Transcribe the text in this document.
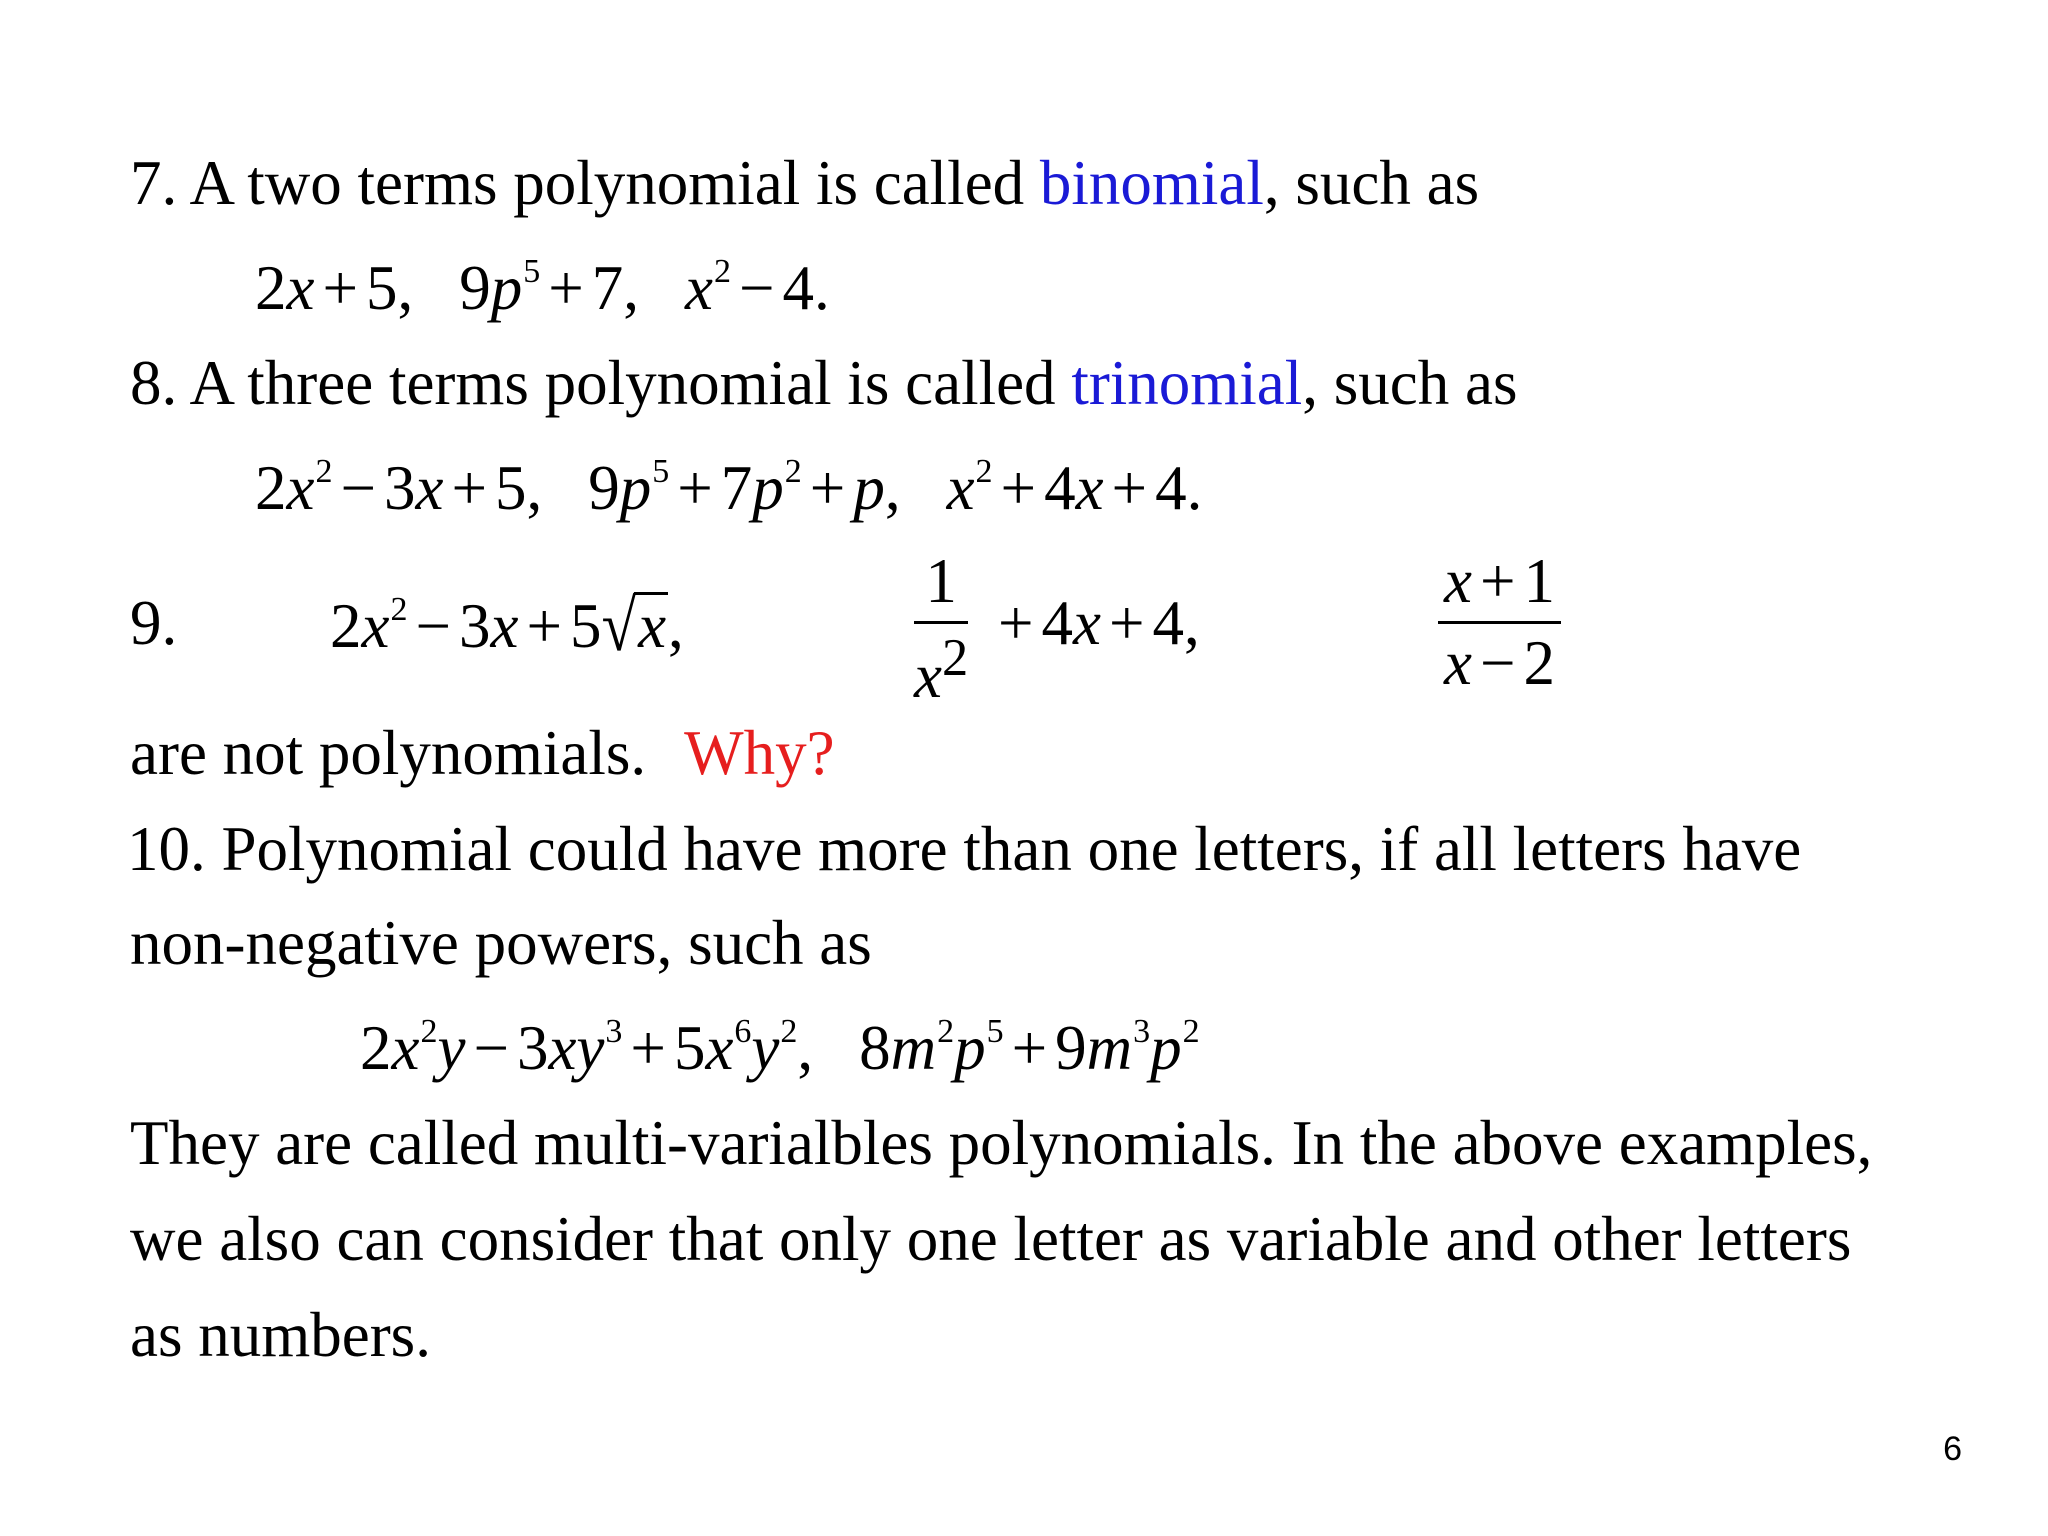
7. A two terms polynomial is called binomial, such as
2x + 5, $9p^5 + 7$, $x^2 - 4$.
8. A three terms polynomial is called trinomial, such as
$2x^2 - 3x + 5$, $9p^5 + 7p^2 + p$, $x^2 + 4x + 4$.
9. $2x^2 - 3x + 5√x$,
1
$x^2 + 4x + 4$,
x + 1
x − 2
are not polynomials. Why?
10. Polynomial could have more than one letters, if all letters have
non-negative powers, such as
$2x^2y - 3xy^3 + 5x^6y^2$, $8m^2p^5 + 9m^3p^2$
They are called multi-varialbles polynomials. In the above examples,
we also can consider that only one letter as variable and other letters
as numbers.
6
